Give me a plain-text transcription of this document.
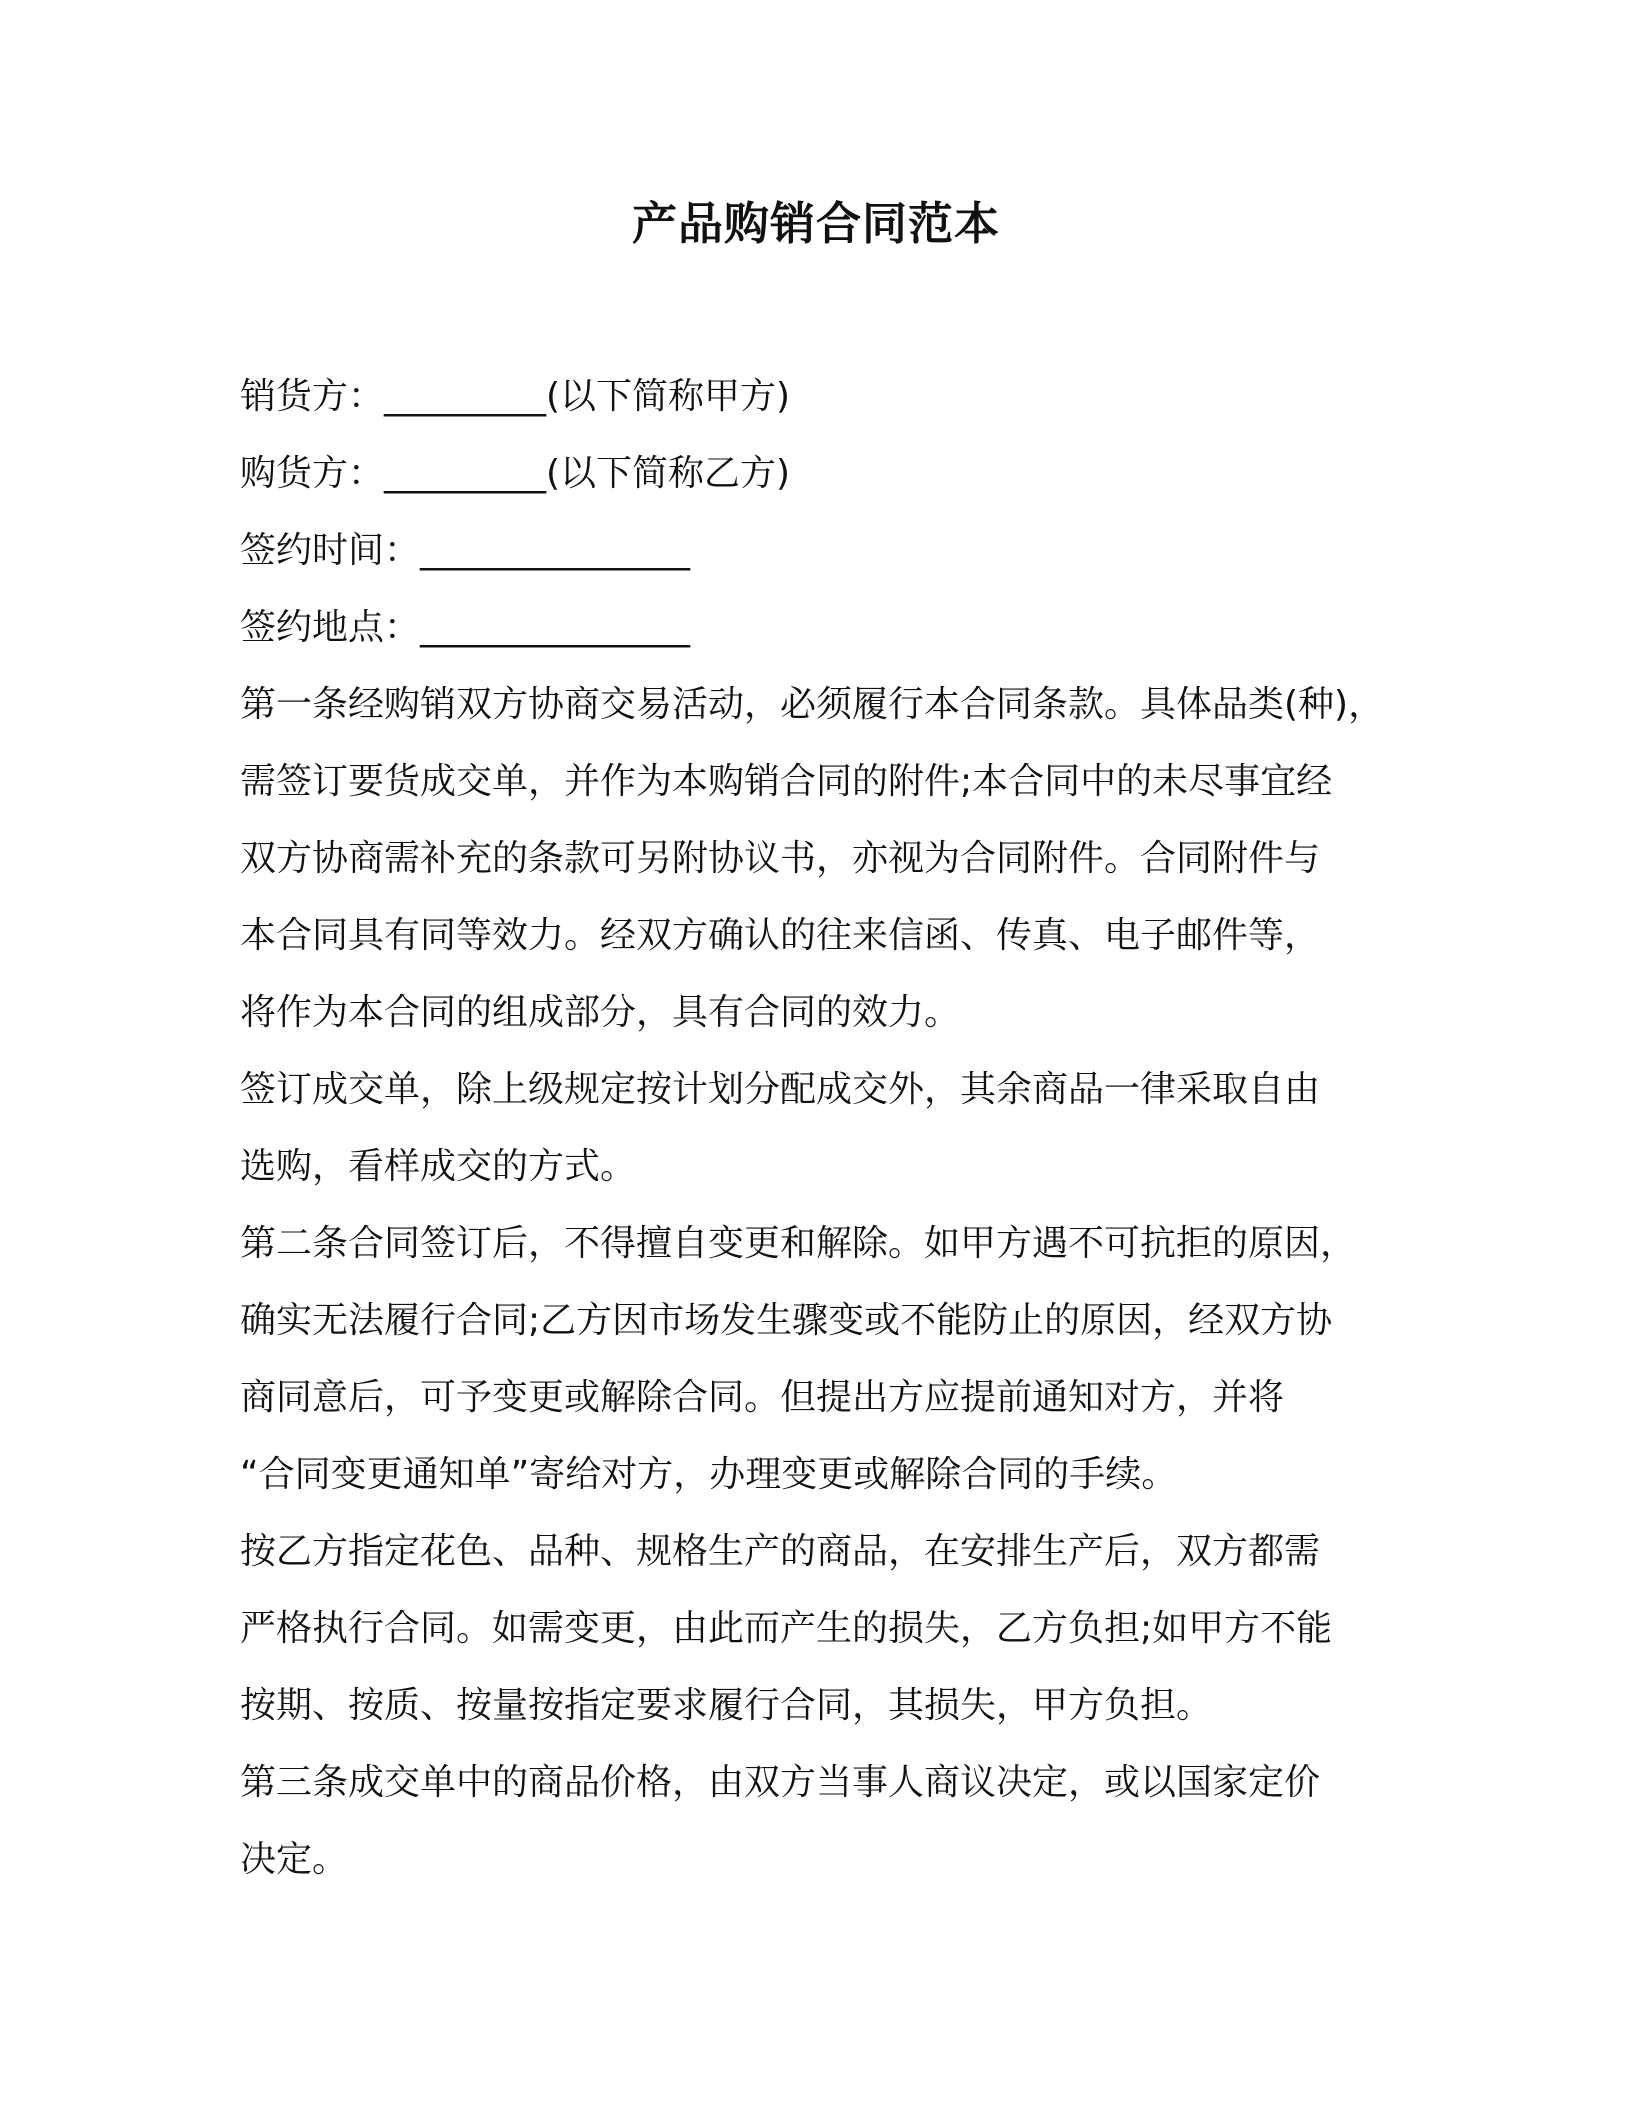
产品购销合同范本
销货方：_________(以下简称甲方)
购货方：_________(以下简称乙方)
签约时间：_______________
签约地点：_______________
第一条经购销双方协商交易活动，必须履行本合同条款。具体品类(种)，
需签订要货成交单，并作为本购销合同的附件;本合同中的未尽事宜经
双方协商需补充的条款可另附协议书，亦视为合同附件。合同附件与
本合同具有同等效力。经双方确认的往来信函、传真、电子邮件等，
将作为本合同的组成部分，具有合同的效力。
签订成交单，除上级规定按计划分配成交外，其余商品一律采取自由
选购，看样成交的方式。
第二条合同签订后，不得擅自变更和解除。如甲方遇不可抗拒的原因，
确实无法履行合同;乙方因市场发生骤变或不能防止的原因，经双方协
商同意后，可予变更或解除合同。但提出方应提前通知对方，并将
“合同变更通知单”寄给对方，办理变更或解除合同的手续。
按乙方指定花色、品种、规格生产的商品，在安排生产后，双方都需
严格执行合同。如需变更，由此而产生的损失，乙方负担;如甲方不能
按期、按质、按量按指定要求履行合同，其损失，甲方负担。
第三条成交单中的商品价格，由双方当事人商议决定，或以国家定价
决定。
